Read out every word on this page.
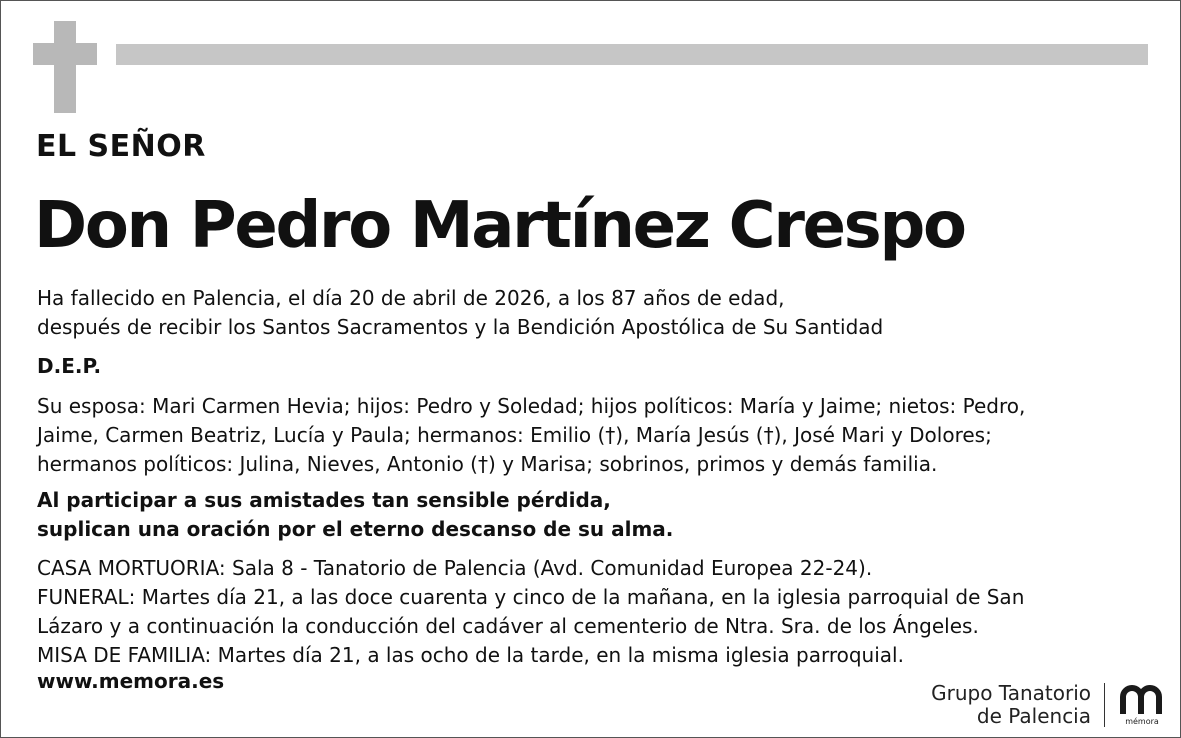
EL SEÑOR
Don Pedro Martínez Crespo
Ha fallecido en Palencia, el día 20 de abril de 2026, a los 87 años de edad,
después de recibir los Santos Sacramentos y la Bendición Apostólica de Su Santidad
D.E.P.
Su esposa: Mari Carmen Hevia; hijos: Pedro y Soledad; hijos políticos: María y Jaime; nietos: Pedro,
Jaime, Carmen Beatriz, Lucía y Paula; hermanos: Emilio (†), María Jesús (†), José Mari y Dolores;
hermanos políticos: Julina, Nieves, Antonio (†) y Marisa; sobrinos, primos y demás familia.
Al participar a sus amistades tan sensible pérdida,
suplican una oración por el eterno descanso de su alma.
CASA MORTUORIA: Sala 8 - Tanatorio de Palencia (Avd. Comunidad Europea 22-24).
FUNERAL: Martes día 21, a las doce cuarenta y cinco de la mañana, en la iglesia parroquial de San
Lázaro y a continuación la conducción del cadáver al cementerio de Ntra. Sra. de los Ángeles.
MISA DE FAMILIA: Martes día 21, a las ocho de la tarde, en la misma iglesia parroquial.
www.memora.es	Grupo Tanatorio
de Palencia	mémora
